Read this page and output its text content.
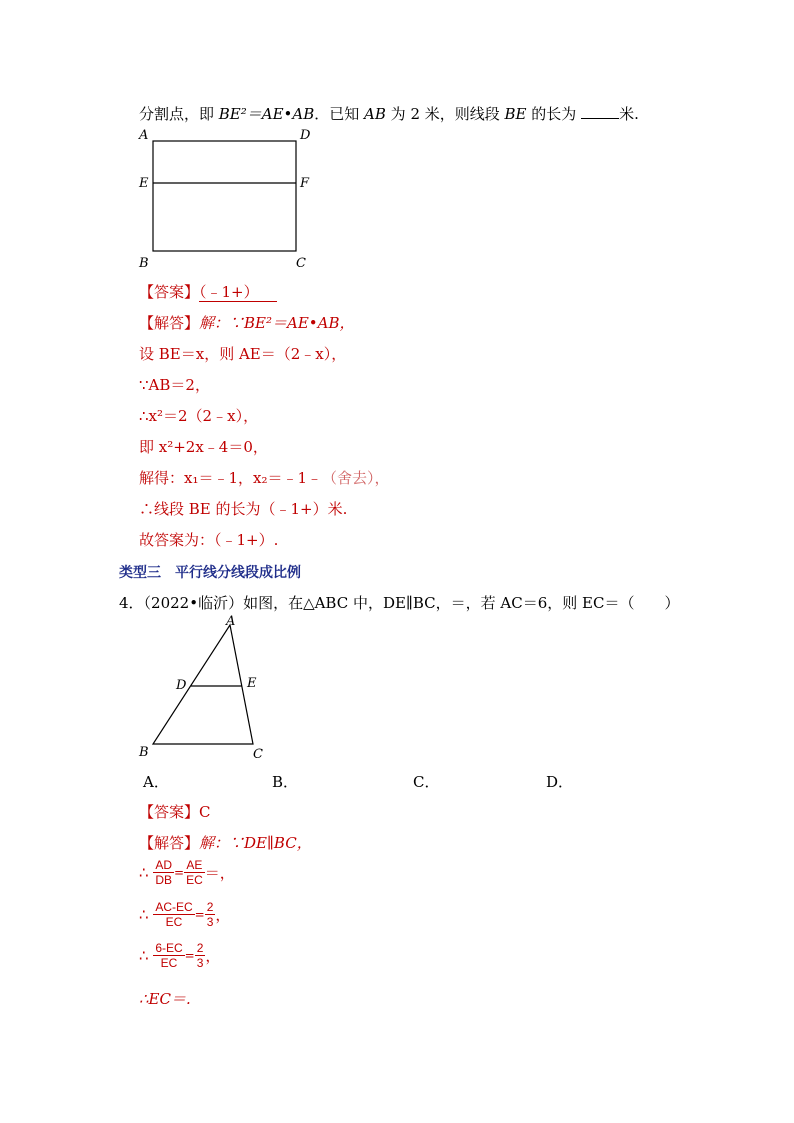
分割点，即 BE²＝AE•AB．已知 AB 为 2 米，则线段 BE 的长为	米.
A	D
E	F
B	C
【答案】（﹣1+）
【解答】解：∵BE²＝AE•AB，
设 BE＝x，则 AE＝（2﹣x），
∵AB＝2，
∴x²＝2（2﹣x），
即 x²+2x﹣4＝0，
解得：x₁＝﹣1，x₂＝﹣1﹣（舍去），
∴线段 BE 的长为（﹣1+）米.
故答案为：（﹣1+）.
类型三　平行线分线段成比例
4．（2022•临沂）如图，在△ABC 中，DE∥BC，＝，若 AC＝6，则 EC＝（　　）
A
D	E
B	C
A．	B．	C．	D．
【答案】C
【解答】解：∵DE∥BC，
∴ $\frac{AD}{DB} = \frac{AE}{EC}$ ＝，
∴ $\frac{AC-EC}{EC} = \frac{2}{3}$ ，
∴ $\frac{6-EC}{EC} = \frac{2}{3}$ ，
∴EC＝.
